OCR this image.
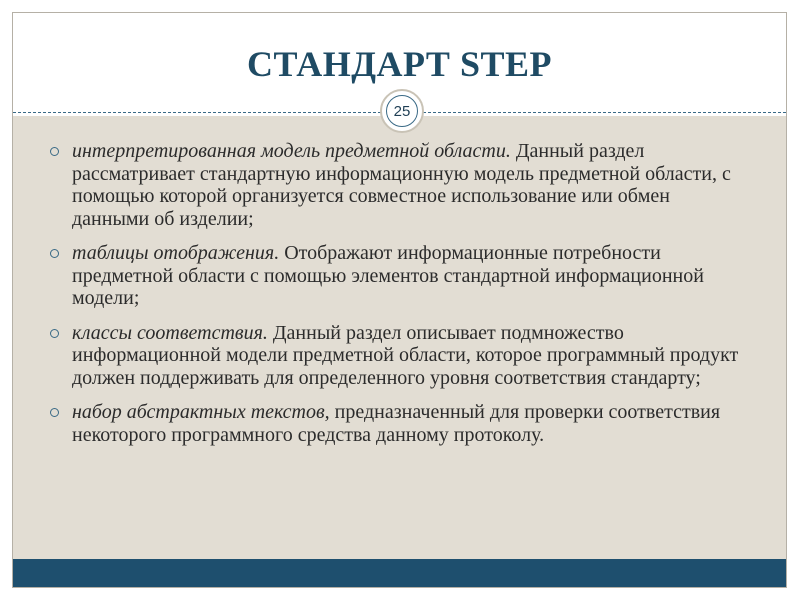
СТАНДАРТ STEP
25
интерпретированная модель предметной области. Данный раздел рассматривает стандартную информационную модель предметной области, с помощью которой организуется совместное использование или обмен данными об изделии;
таблицы отображения. Отображают информационные потребности предметной области с помощью элементов стандартной информационной модели;
классы соответствия. Данный раздел описывает подмножество информационной модели предметной области, которое программный продукт должен поддерживать для определенного уровня соответствия стандарту;
набор абстрактных текстов, предназначенный для проверки соответствия некоторого программного средства данному протоколу.
